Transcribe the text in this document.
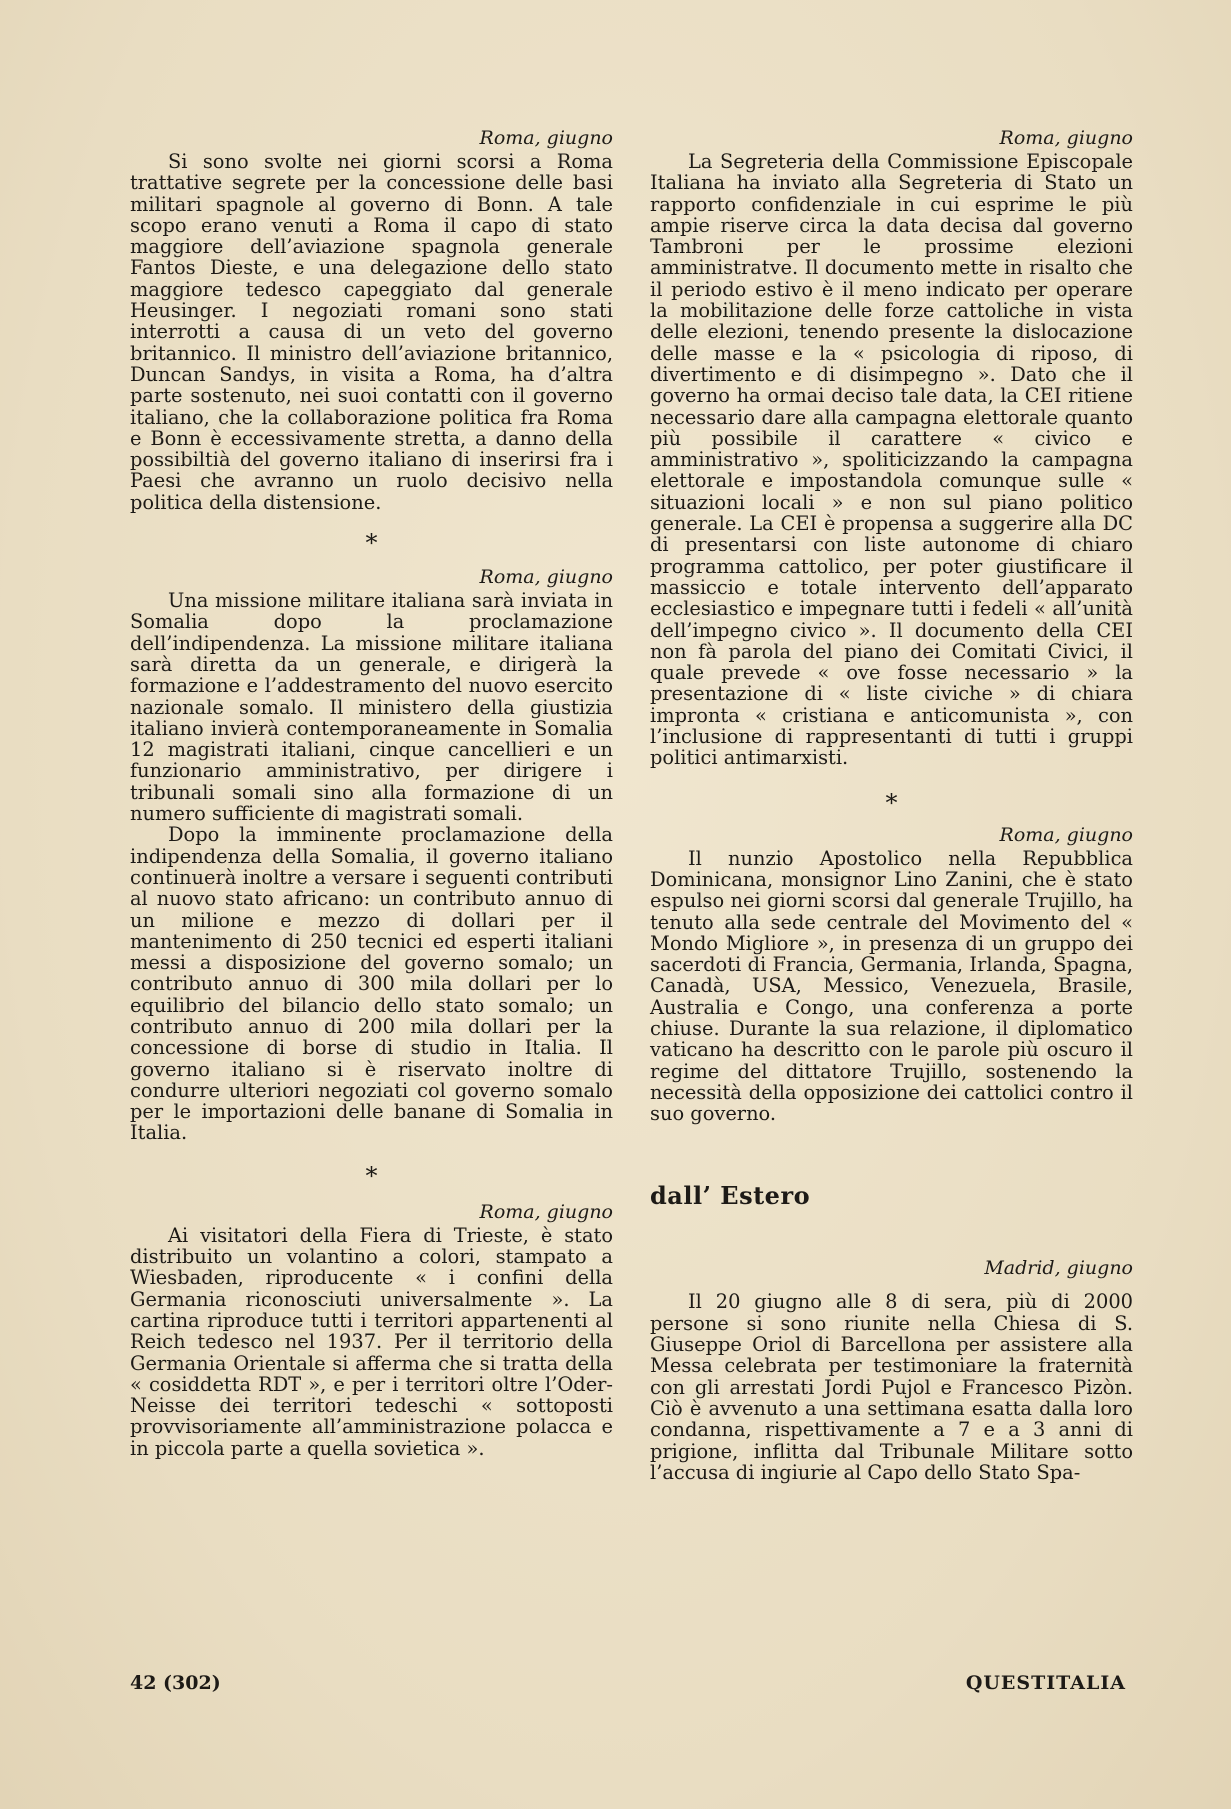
Roma, giugno

Si sono svolte nei giorni scorsi a Roma trattative segrete per la concessione delle basi militari spagnole al governo di Bonn. A tale scopo erano venuti a Roma il capo di stato maggiore dell’aviazione spagnola generale Fantos Dieste, e una delegazione dello stato maggiore tedesco capeggiato dal generale Heusinger. I negoziati romani sono stati interrotti a causa di un veto del governo britannico. Il ministro dell’aviazione britannico, Duncan Sandys, in visita a Roma, ha d’altra parte sostenuto, nei suoi contatti con il governo italiano, che la collaborazione politica fra Roma e Bonn è eccessivamente stretta, a danno della possibiltià del governo italiano di inserirsi fra i Paesi che avranno un ruolo decisivo nella politica della distensione.

*
Roma, giugno

Una missione militare italiana sarà inviata in Somalia dopo la proclamazione dell’indipendenza. La missione militare italiana sarà diretta da un generale, e dirigerà la formazione e l’addestramento del nuovo esercito nazionale somalo. Il ministero della giustizia italiano invierà contemporaneamente in Somalia 12 magistrati italiani, cinque cancellieri e un funzionario amministrativo, per dirigere i tribunali somali sino alla formazione di un numero sufficiente di magistrati somali.

Dopo la imminente proclamazione della indipendenza della Somalia, il governo italiano continuerà inoltre a versare i seguenti contributi al nuovo stato africano: un contributo annuo di un milione e mezzo di dollari per il mantenimento di 250 tecnici ed esperti italiani messi a disposizione del governo somalo; un contributo annuo di 300 mila dollari per lo equilibrio del bilancio dello stato somalo; un contributo annuo di 200 mila dollari per la concessione di borse di studio in Italia. Il governo italiano si è riservato inoltre di condurre ulteriori negoziati col governo somalo per le importazioni delle banane di Somalia in Italia.

*
Roma, giugno

Ai visitatori della Fiera di Trieste, è stato distribuito un volantino a colori, stampato a Wiesbaden, riproducente « i confini della Germania riconosciuti universalmente ». La cartina riproduce tutti i territori appartenenti al Reich tedesco nel 1937. Per il territorio della Germania Orientale si afferma che si tratta della « cosiddetta RDT », e per i territori oltre l’Oder-Neisse dei territori tedeschi « sottoposti provvisoriamente all’amministrazione polacca e in piccola parte a quella sovietica ».

Roma, giugno

La Segreteria della Commissione Episcopale Italiana ha inviato alla Segreteria di Stato un rapporto confidenziale in cui esprime le più ampie riserve circa la data decisa dal governo Tambroni per le prossime elezioni amministratve. Il documento mette in risalto che il periodo estivo è il meno indicato per operare la mobilitazione delle forze cattoliche in vista delle elezioni, tenendo presente la dislocazione delle masse e la « psicologia di riposo, di divertimento e di disimpegno ». Dato che il governo ha ormai deciso tale data, la CEI ritiene necessario dare alla campagna elettorale quanto più possibile il carattere « civico e amministrativo », spoliticizzando la campagna elettorale e impostandola comunque sulle « situazioni locali » e non sul piano politico generale. La CEI è propensa a suggerire alla DC di presentarsi con liste autonome di chiaro programma cattolico, per poter giustificare il massiccio e totale intervento dell’apparato ecclesiastico e impegnare tutti i fedeli « all’unità dell’impegno civico ». Il documento della CEI non fà parola del piano dei Comitati Civici, il quale prevede « ove fosse necessario » la presentazione di « liste civiche » di chiara impronta « cristiana e anticomunista », con l’inclusione di rappresentanti di tutti i gruppi politici antimarxisti.

*
Roma, giugno

Il nunzio Apostolico nella Repubblica Dominicana, monsignor Lino Zanini, che è stato espulso nei giorni scorsi dal generale Trujillo, ha tenuto alla sede centrale del Movimento del « Mondo Migliore », in presenza di un gruppo dei sacerdoti di Francia, Germania, Irlanda, Spagna, Canadà, USA, Messico, Venezuela, Brasile, Australia e Congo, una conferenza a porte chiuse. Durante la sua relazione, il diplomatico vaticano ha descritto con le parole più oscuro il regime del dittatore Trujillo, sostenendo la necessità della opposizione dei cattolici contro il suo governo.

dall’ Estero
Madrid, giugno

Il 20 giugno alle 8 di sera, più di 2000 persone si sono riunite nella Chiesa di S. Giuseppe Oriol di Barcellona per assistere alla Messa celebrata per testimoniare la fraternità con gli arrestati Jordi Pujol e Francesco Pizòn. Ciò è avvenuto a una settimana esatta dalla loro condanna, rispettivamente a 7 e a 3 anni di prigione, inflitta dal Tribunale Militare sotto l’accusa di ingiurie al Capo dello Stato Spa-

42 (302)	QUESTITALIA
